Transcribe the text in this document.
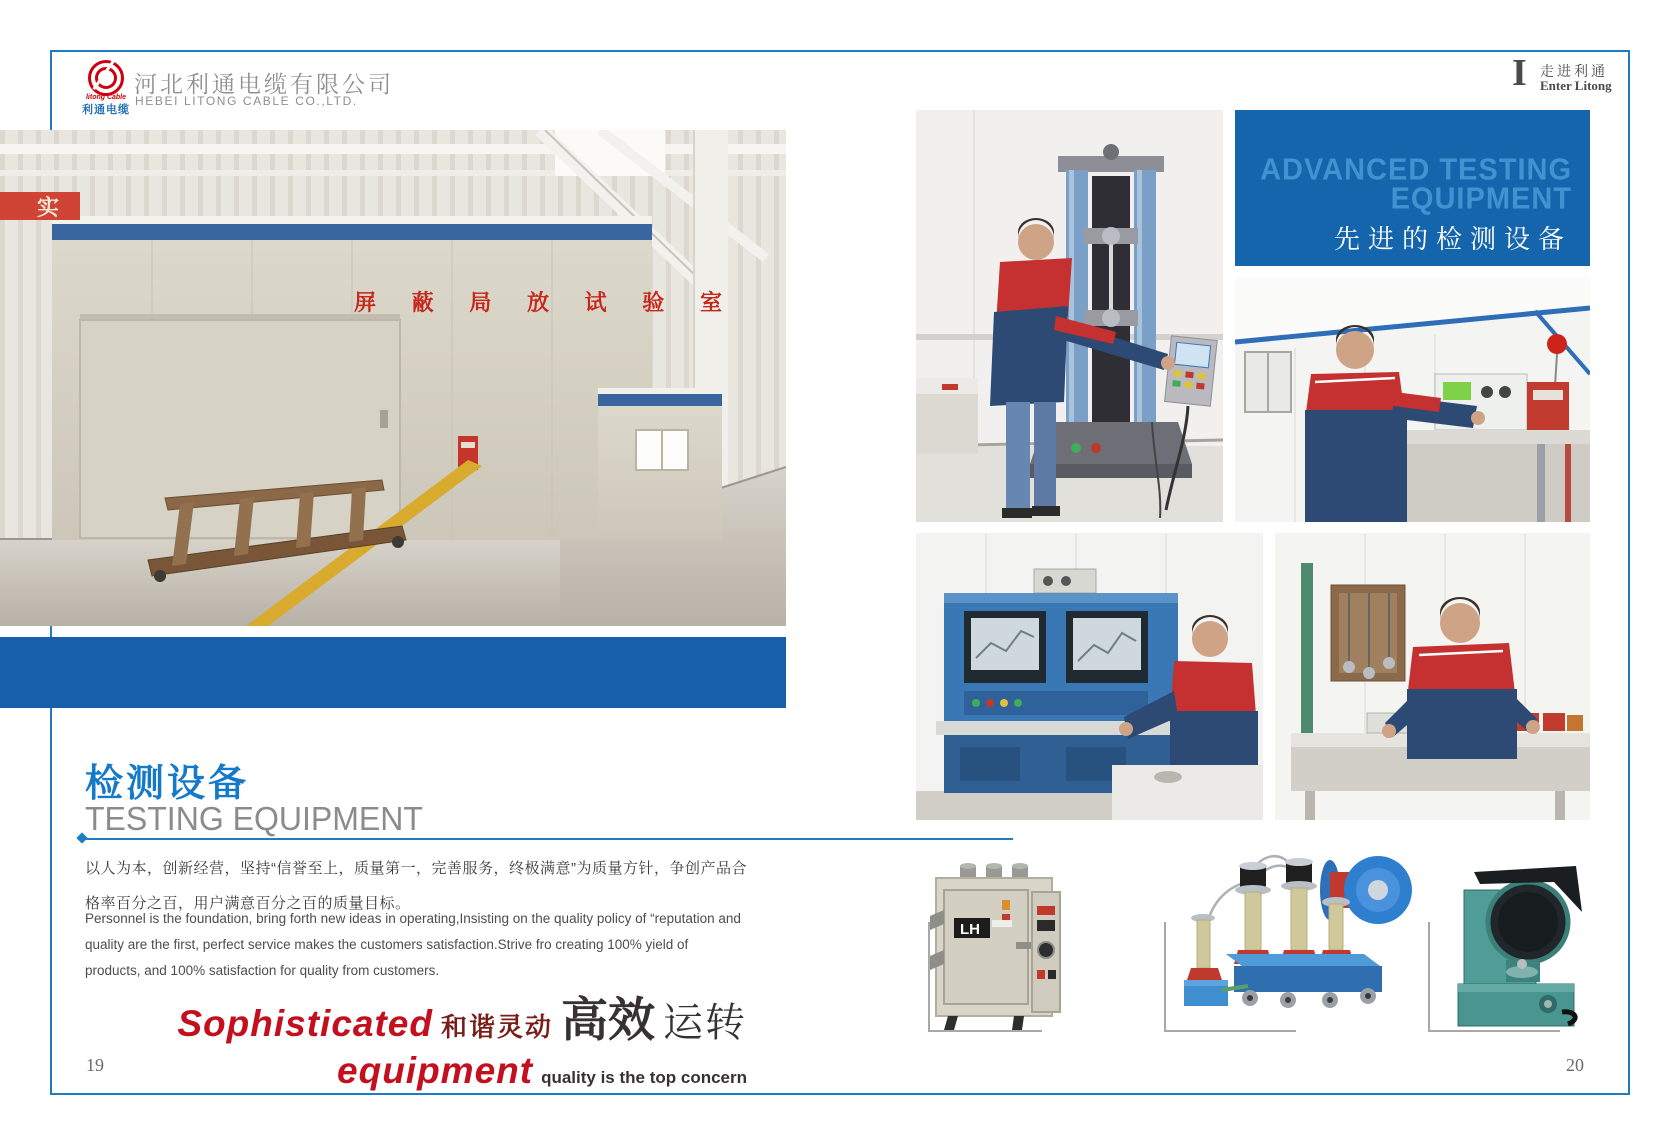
litong Cable
利通电缆
河北利通电缆有限公司
HEBEI LITONG CABLE CO.,LTD.
I 走进利通
Enter Litong
屏 蔽 局 放 试 验 室
实
检测设备
TESTING EQUIPMENT
以人为本，创新经营，坚持“信誉至上，质量第一，完善服务，终极满意”为质量方针，争创产品合格率百分之百，用户满意百分之百的质量目标。
Personnel is the foundation, bring forth new ideas in operating,Insisting on the quality policy of “reputation and quality are the first, perfect service makes the customers satisfaction.Strive fro creating 100% yield of products, and 100% satisfaction for quality from customers.
Sophisticated 和谐灵动 高效 运转
equipment quality is the top concern
19	20
ADVANCED TESTING
EQUIPMENT
先进的检测设备
LH
